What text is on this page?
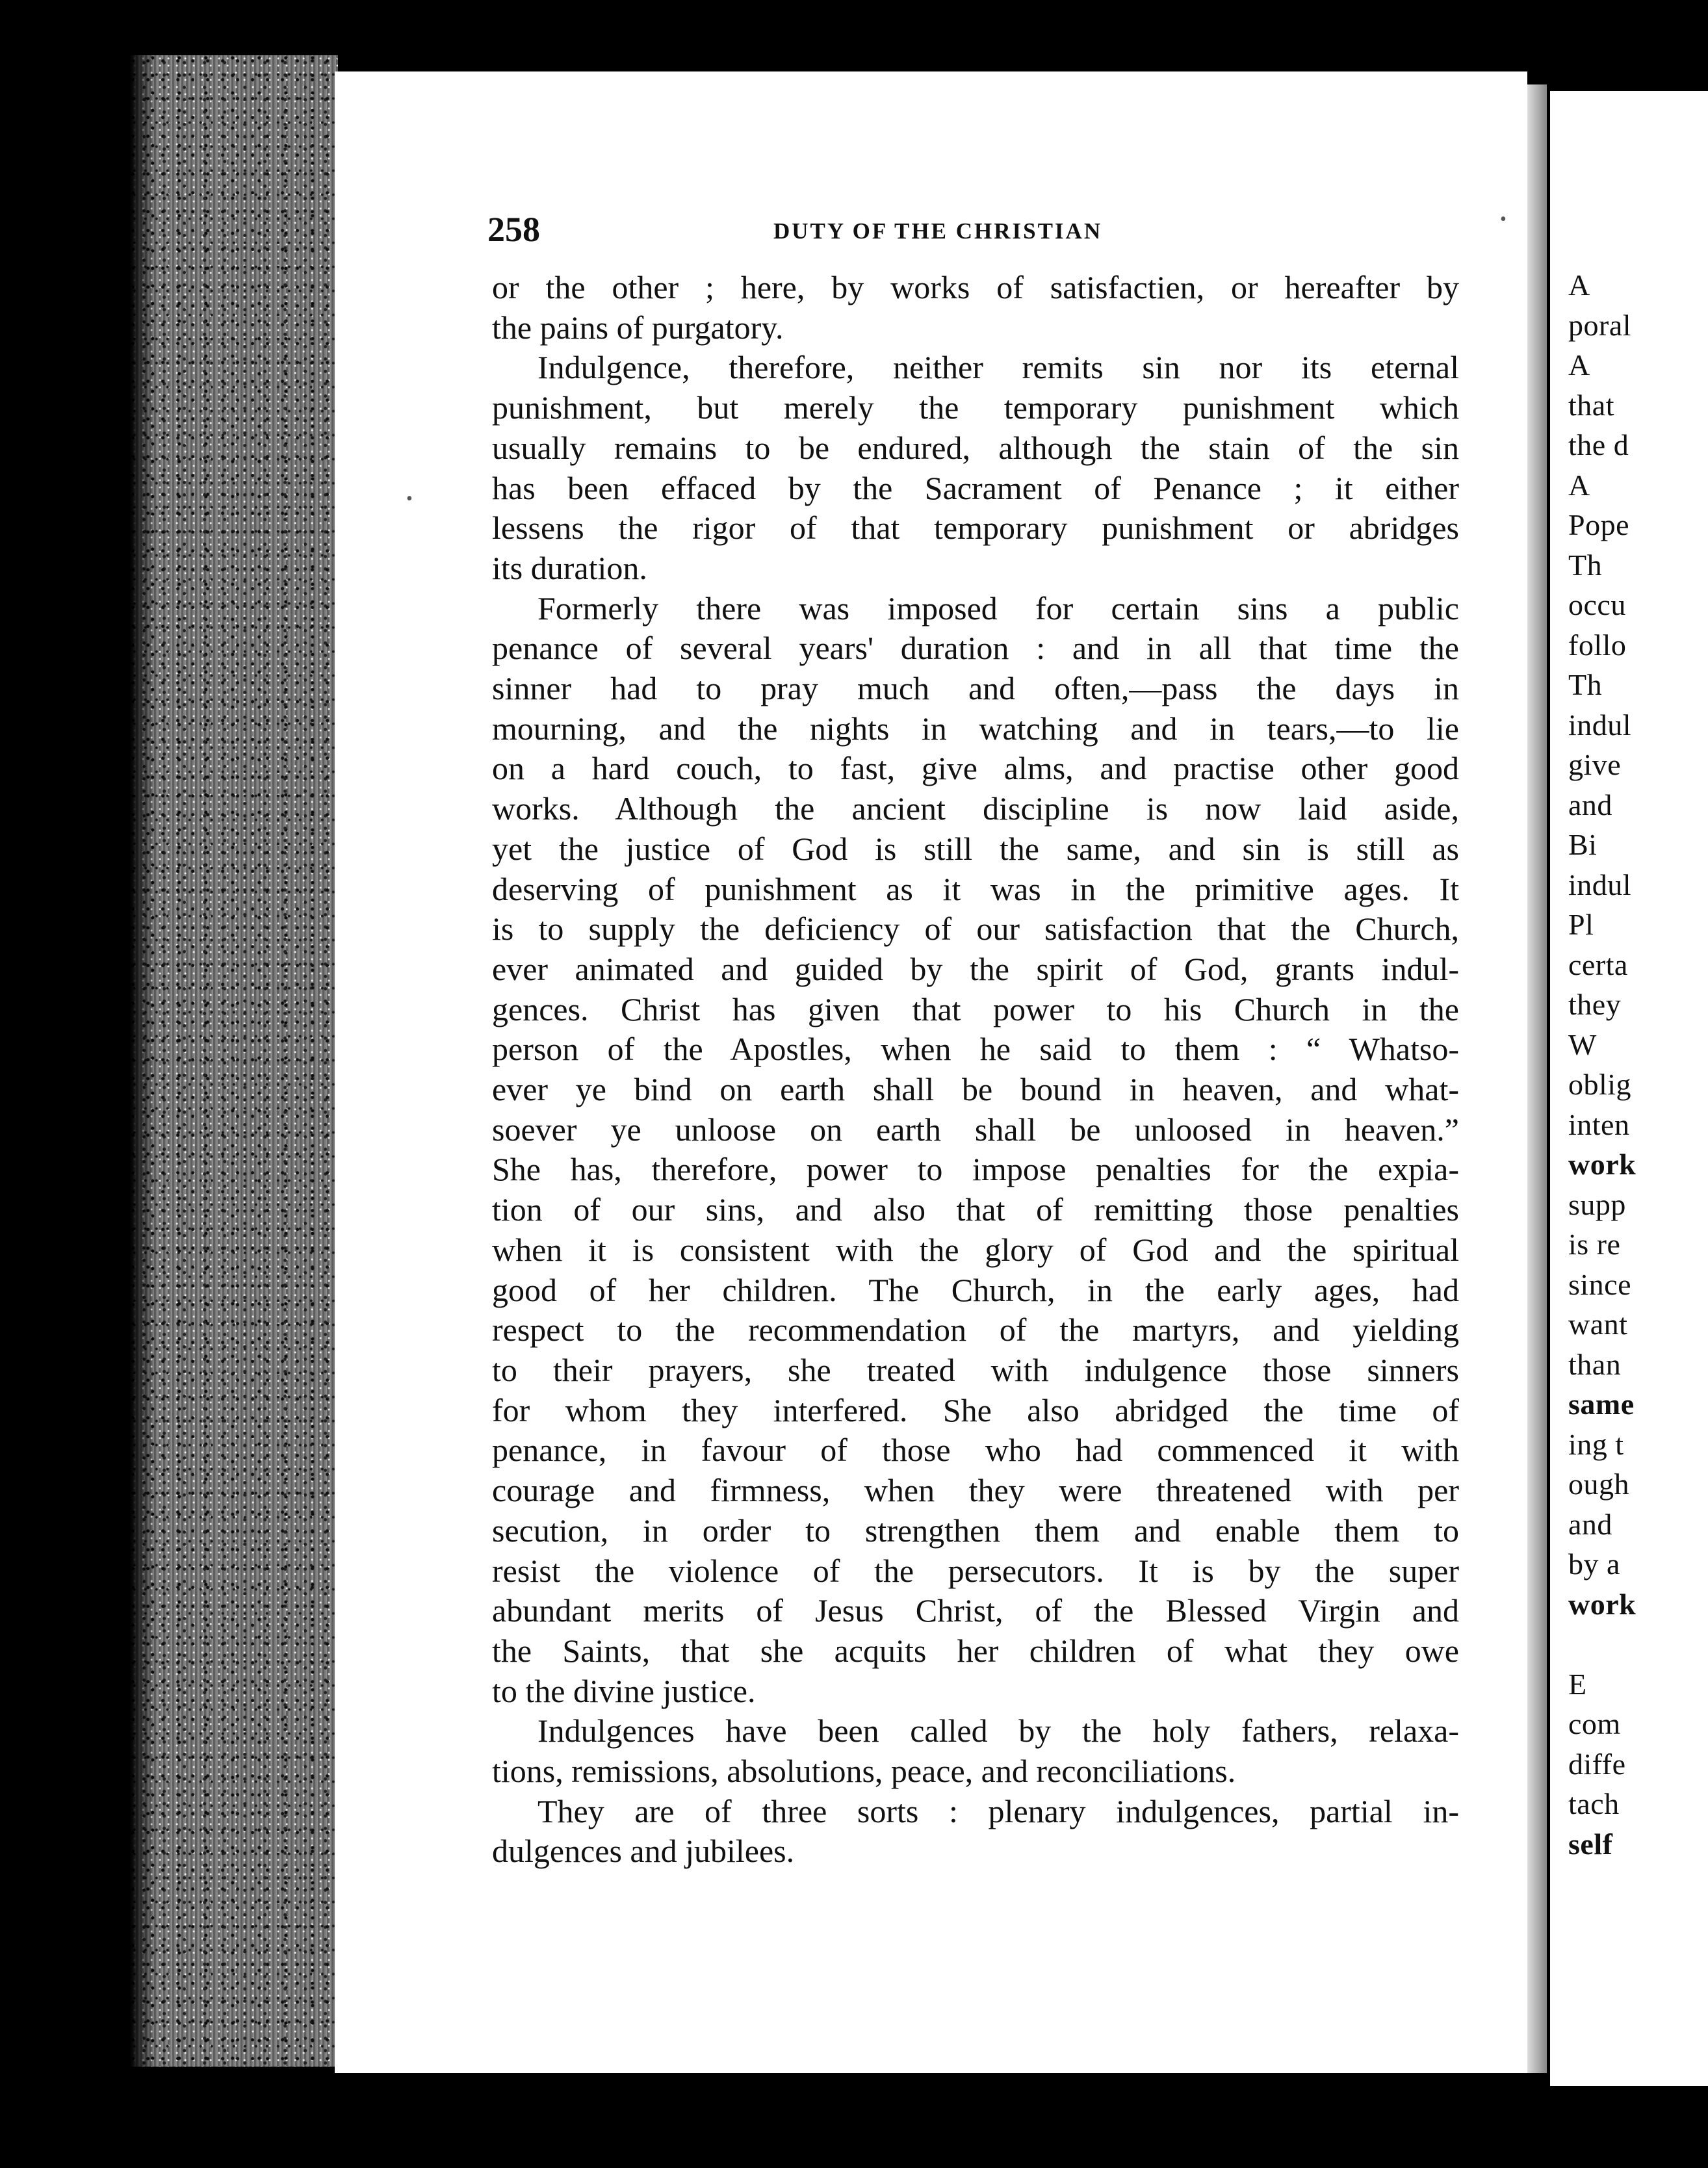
A
poral
A
that
the d
A
Pope
Th
occu
follo
Th
indul
give
and
Bi
indul
Pl
certa
they
W
oblig
inten
work
supp
is re
since
want
than
same
ing t
ough
and
by a
work
E
com
diffe
tach
self
258	DUTY OF THE CHRISTIAN
or the other ; here, by works of satisfactien, or hereafter by
the pains of purgatory.
Indulgence, therefore, neither remits sin nor its eternal
punishment, but merely the temporary punishment which
usually remains to be endured, although the stain of the sin
has been effaced by the Sacrament of Penance ; it either
lessens the rigor of that temporary punishment or abridges
its duration.
Formerly there was imposed for certain sins a public
penance of several years' duration : and in all that time the
sinner had to pray much and often,—pass the days in
mourning, and the nights in watching and in tears,—to lie
on a hard couch, to fast, give alms, and practise other good
works. Although the ancient discipline is now laid aside,
yet the justice of God is still the same, and sin is still as
deserving of punishment as it was in the primitive ages. It
is to supply the deficiency of our satisfaction that the Church,
ever animated and guided by the spirit of God, grants indul-
gences. Christ has given that power to his Church in the
person of the Apostles, when he said to them : “ Whatso-
ever ye bind on earth shall be bound in heaven, and what-
soever ye unloose on earth shall be unloosed in heaven.”
She has, therefore, power to impose penalties for the expia-
tion of our sins, and also that of remitting those penalties
when it is consistent with the glory of God and the spiritual
good of her children. The Church, in the early ages, had
respect to the recommendation of the martyrs, and yielding
to their prayers, she treated with indulgence those sinners
for whom they interfered. She also abridged the time of
penance, in favour of those who had commenced it with
courage and firmness, when they were threatened with per
secution, in order to strengthen them and enable them to
resist the violence of the persecutors. It is by the super
abundant merits of Jesus Christ, of the Blessed Virgin and
the Saints, that she acquits her children of what they owe
to the divine justice.
Indulgences have been called by the holy fathers, relaxa-
tions, remissions, absolutions, peace, and reconciliations.
They are of three sorts : plenary indulgences, partial in-
dulgences and jubilees.
•
•
